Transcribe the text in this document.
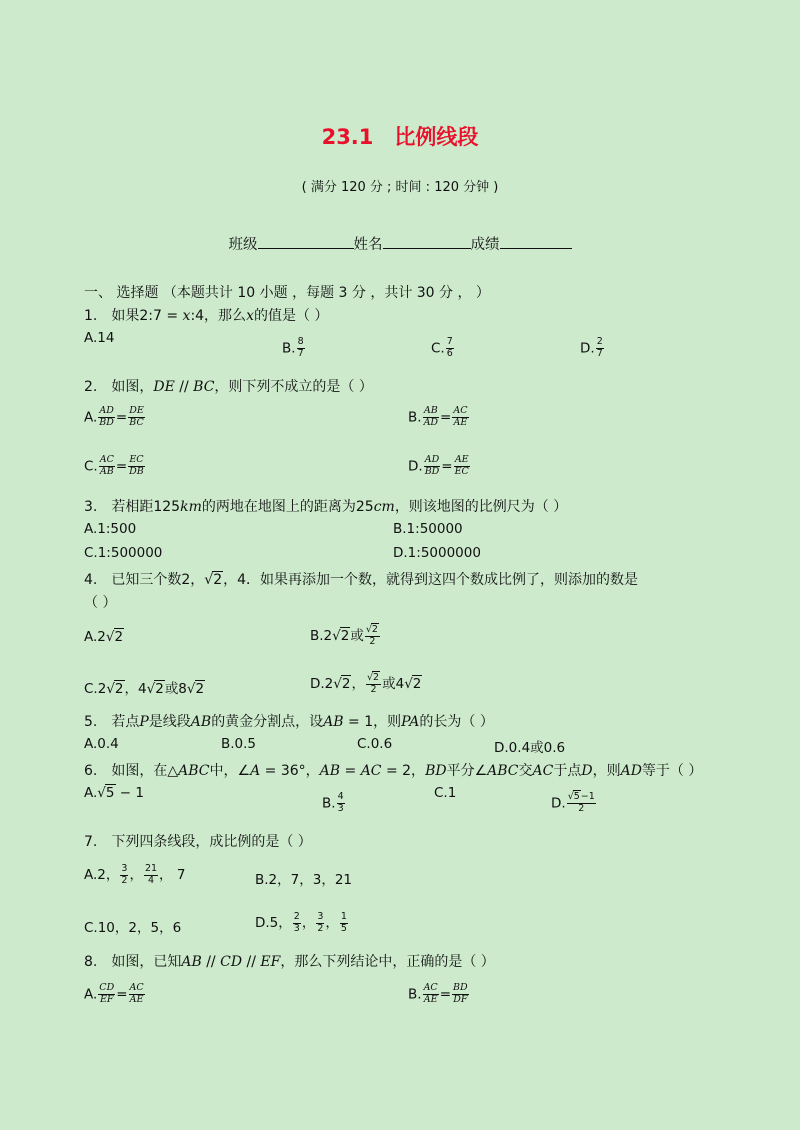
23.1　比例线段
( 满分 120 分 ; 时间 : 120 分钟 )
班级	姓名	成绩
一、 选择题 （本题共计 10 小题 ，每题 3 分 ，共计 30 分 ， ）
1.　如果2:7 = x:4，那么x的值是（ ）
A.14
B. $\frac{8}{7}$	C. $\frac{7}{6}$	D. $\frac{2}{7}$
2.　如图，DE // BC，则下列不成立的是（ ）
A. $\frac{AD}{BD} = \frac{DE}{BC}$	B. $\frac{AB}{AD} = \frac{AC}{AE}$
C. $\frac{AC}{AB} = \frac{EC}{DB}$	D. $\frac{AD}{BD} = \frac{AE}{EC}$
3.　若相距125km的两地在地图上的距离为25cm，则该地图的比例尺为（ ）
A.1:500	B.1:50000
C.1:500000	D.1:5000000
4.　已知三个数2，√2，4．如果再添加一个数，就得到这四个数成比例了，则添加的数是
（ ）
A.2√2	B.2√2或 $\frac{√2}{2}$
C.2√2，4√2或8√2	D.2√2， $\frac{√2}{2}$ 或4√2
5.　若点P是线段AB的黄金分割点，设AB = 1，则PA的长为（ ）
A.0.4	B.0.5	C.0.6	D.0.4或0.6
6.　如图，在△ABC中，∠A = 36°，AB = AC = 2，BD平分∠ABC交AC于点D，则AD等于（ ）
A.√5 − 1
B. $\frac{4}{3}$	C.1
D. $\frac{√5-1}{2}$
7.　下列四条线段，成比例的是（ ）
A.2， $\frac{3}{2}$ ， $\frac{21}{4}$ ， 7	B.2，7，3，21
C.10，2，5，6	D.5， $\frac{2}{3}$ ， $\frac{3}{2}$ ， $\frac{1}{5}$
8.　如图，已知AB // CD // EF，那么下列结论中，正确的是（ ）
A. $\frac{CD}{EF} = \frac{AC}{AE}$	B. $\frac{AC}{AE} = \frac{BD}{DF}$
